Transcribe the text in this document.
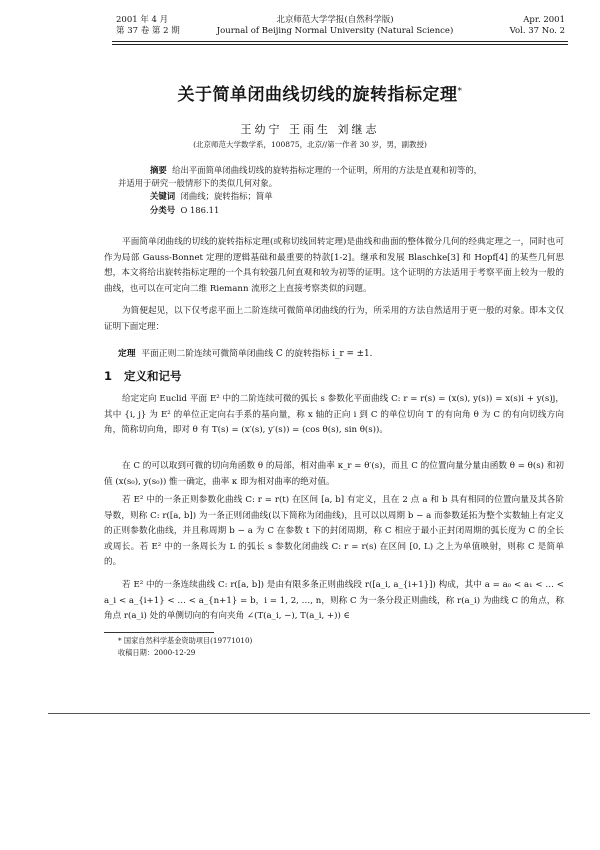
2001 年 4 月
第 37 卷 第 2 期
北京师范大学学报(自然科学版)
Journal of Beijing Normal University (Natural Science)
Apr. 2001
Vol. 37 No. 2
关于简单闭曲线切线的旋转指标定理*
王幼宁 王雨生 刘继志
(北京师范大学数学系，100875，北京//第一作者 30 岁，男，副教授)
摘要 给出平面简单闭曲线切线的旋转指标定理的一个证明，所用的方法是直观和初等的，
并适用于研究一般情形下的类似几何对象。
关键词 闭曲线；旋转指标；简单
分类号 O 186.11
平面简单闭曲线的切线的旋转指标定理(或称切线回转定理)是曲线和曲面的整体微分几何的经典定理之一，同时也可作为局部 Gauss-Bonnet 定理的逻辑基础和最重要的特款[1-2]。继承和发展 Blaschke[3] 和 Hopf[4] 的某些几何思想，本文将给出旋转指标定理的一个具有较强几何直观和较为初等的证明。这个证明的方法适用于考察平面上较为一般的曲线，也可以在可定向二维 Riemann 流形之上直接考察类似的问题。
为简便起见，以下仅考虑平面上二阶连续可微简单闭曲线的行为，所采用的方法自然适用于更一般的对象。即本文仅证明下面定理：
定理 平面正则二阶连续可微简单闭曲线 C 的旋转指标 i_r = ±1.
1 定义和记号
给定定向 Euclid 平面 E² 中的二阶连续可微的弧长 s 参数化平面曲线 C: r = r(s) = (x(s), y(s)) = x(s)i + y(s)j，其中 {i, j} 为 E² 的单位正定向右手系的基向量，称 x 轴的正向 i 到 C 的单位切向 T 的有向角 θ 为 C 的有向切线方向角，简称切向角，即对 θ 有 T(s) = (x′(s), y′(s)) = (cos θ(s), sin θ(s))。
在 C 的可以取到可微的切向角函数 θ 的局部，相对曲率 κ_r = θ′(s)，而且 C 的位置向量分量由函数 θ = θ(s) 和初值 (x(s₀), y(s₀)) 惟一确定，曲率 κ 即为相对曲率的绝对值。
若 E² 中的一条正则参数化曲线 C: r = r(t) 在区间 [a, b] 有定义，且在 2 点 a 和 b 具有相同的位置向量及其各阶导数，则称 C: r([a, b]) 为一条正则闭曲线(以下简称为闭曲线)，且可以以周期 b − a 而参数延拓为整个实数轴上有定义的正则参数化曲线，并且称周期 b − a 为 C 在参数 t 下的封闭周期，称 C 相应于最小正封闭周期的弧长度为 C 的全长或周长。若 E² 中的一条周长为 L 的弧长 s 参数化闭曲线 C: r = r(s) 在区间 [0, L) 之上为单值映射，则称 C 是简单的。
若 E² 中的一条连续曲线 C: r([a, b]) 是由有限多条正则曲线段 r([a_i, a_{i+1}]) 构成，其中 a = a₀ < a₁ < … < a_i < a_{i+1} < … < a_{n+1} = b，i = 1, 2, …, n，则称 C 为一条分段正则曲线，称 r(a_i) 为曲线 C 的角点，称角点 r(a_i) 处的单侧切向的有向夹角 ∠(T(a_i, −), T(a_i, +)) ∈
* 国家自然科学基金资助项目(19771010)
收稿日期：2000-12-29
